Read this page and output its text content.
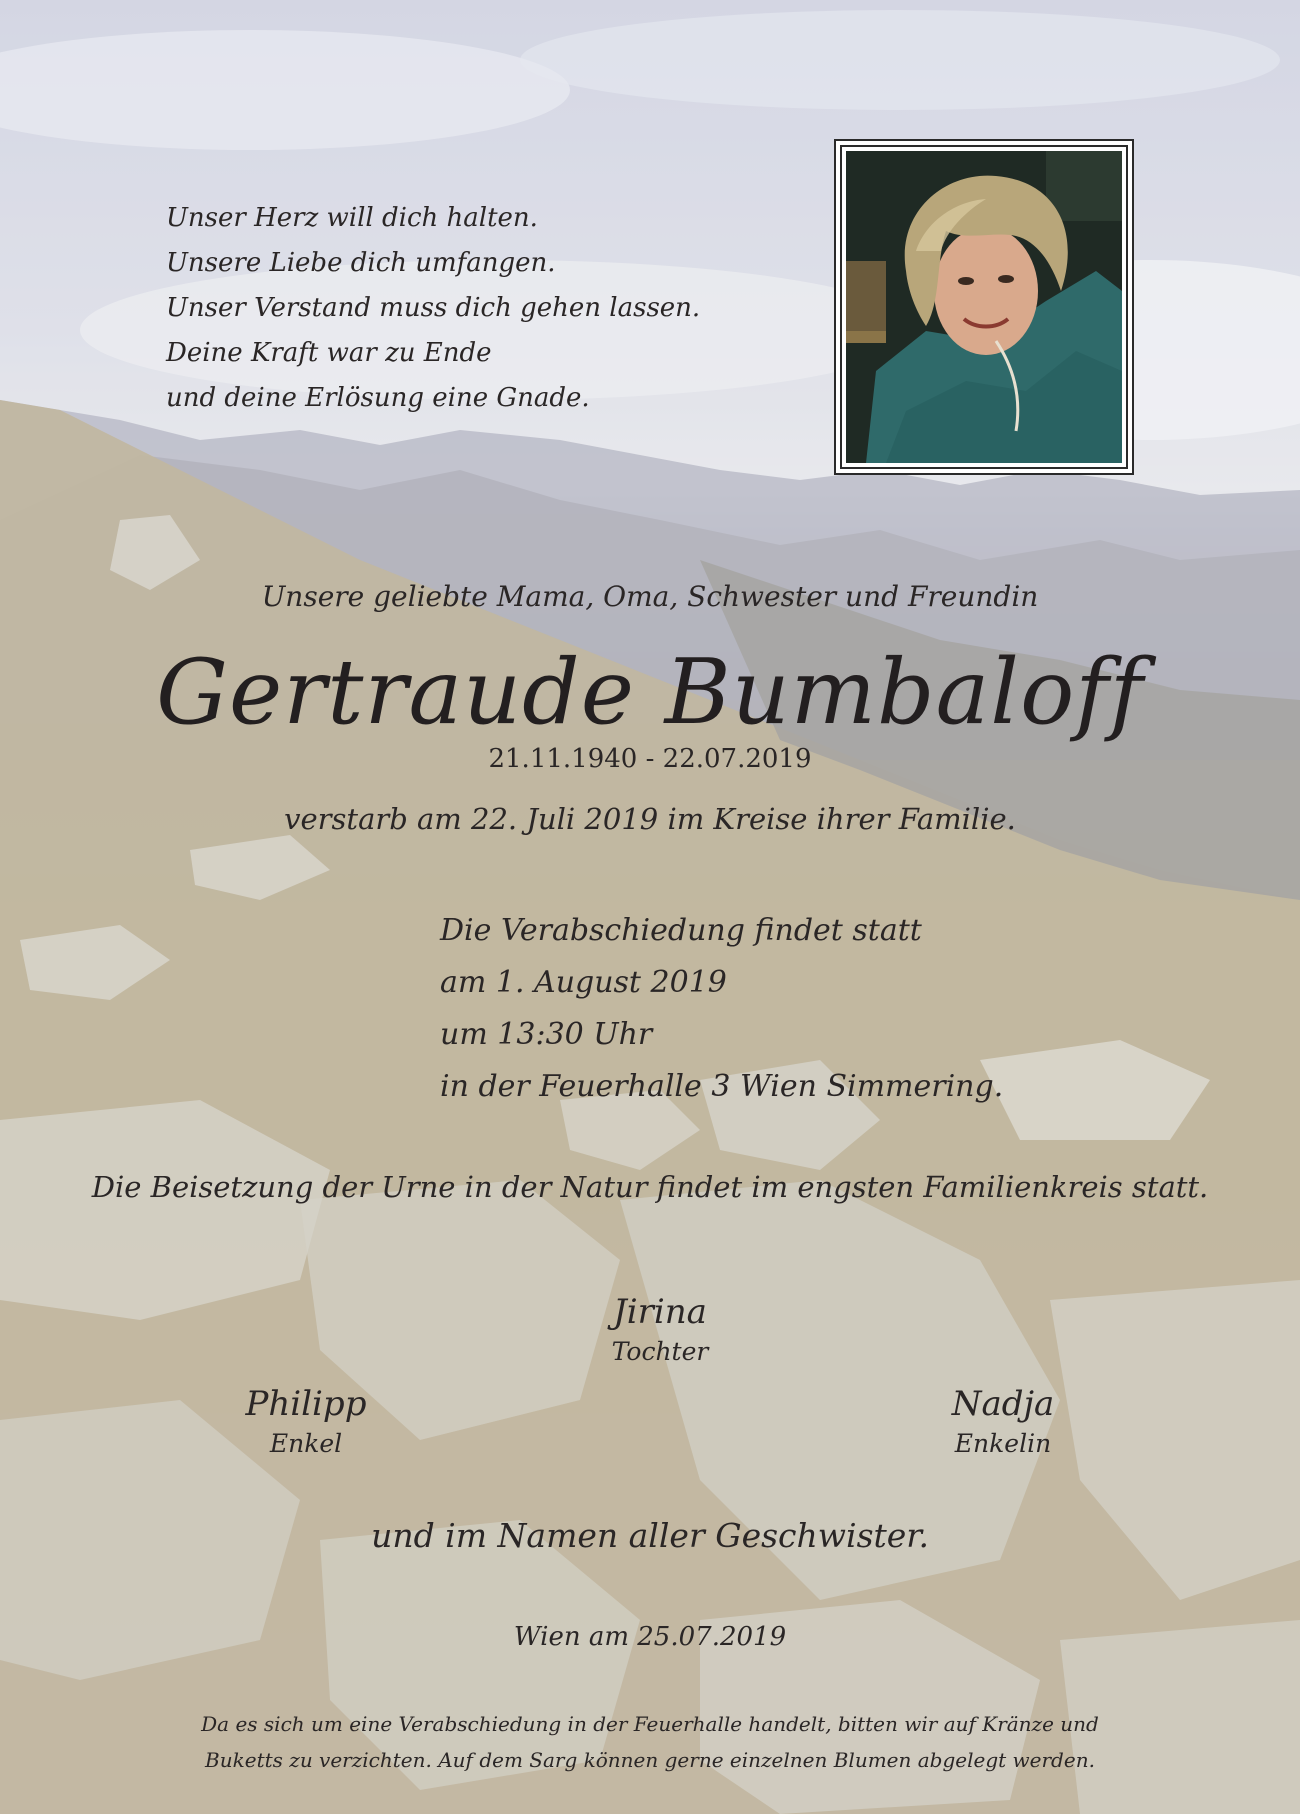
Unser Herz will dich halten.
Unsere Liebe dich umfangen.
Unser Verstand muss dich gehen lassen.
Deine Kraft war zu Ende
und deine Erlösung eine Gnade.
Unsere geliebte Mama, Oma, Schwester und Freundin
Gertraude Bumbaloff
21.11.1940 - 22.07.2019
verstarb am 22. Juli 2019 im Kreise ihrer Familie.
Die Verabschiedung findet statt
am 1. August 2019
um 13:30 Uhr
in der Feuerhalle 3 Wien Simmering.
Die Beisetzung der Urne in der Natur findet im engsten Familienkreis statt.
Jirina
Tochter
Philipp
Enkel
Nadja
Enkelin
und im Namen aller Geschwister.
Wien am 25.07.2019
Da es sich um eine Verabschiedung in der Feuerhalle handelt, bitten wir auf Kränze und
Buketts zu verzichten. Auf dem Sarg können gerne einzelnen Blumen abgelegt werden.
